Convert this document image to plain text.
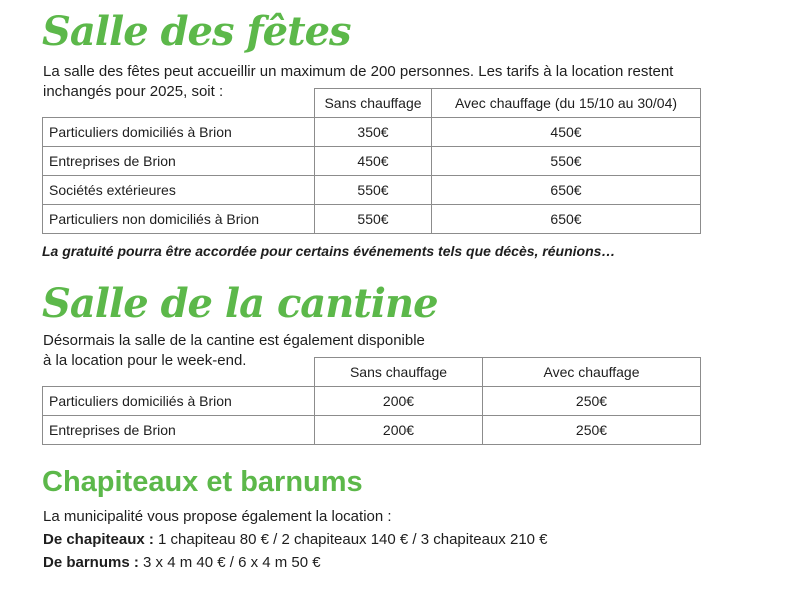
Salle des fêtes

La salle des fêtes peut accueillir un maximum de 200 personnes. Les tarifs à la location restent

inchangés pour 2025, soit :

	Sans chauffage	Avec chauffage (du 15/10 au 30/04)
Particuliers domiciliés à Brion	350€	450€
Entreprises de Brion	450€	550€
Sociétés extérieures	550€	650€
Particuliers non domiciliés à Brion	550€	650€

La gratuité pourra être accordée pour certains événements tels que décès, réunions…

Salle de la cantine

Désormais la salle de la cantine est également disponible

à la location pour le week-end.

	Sans chauffage	Avec chauffage
Particuliers domiciliés à Brion	200€	250€
Entreprises de Brion	200€	250€
Chapiteaux et barnums

La municipalité vous propose également la location :

De chapiteaux : 1 chapiteau 80 € / 2 chapiteaux 140 € / 3 chapiteaux 210 €

De barnums : 3 x 4 m 40 € / 6 x 4 m 50 €
